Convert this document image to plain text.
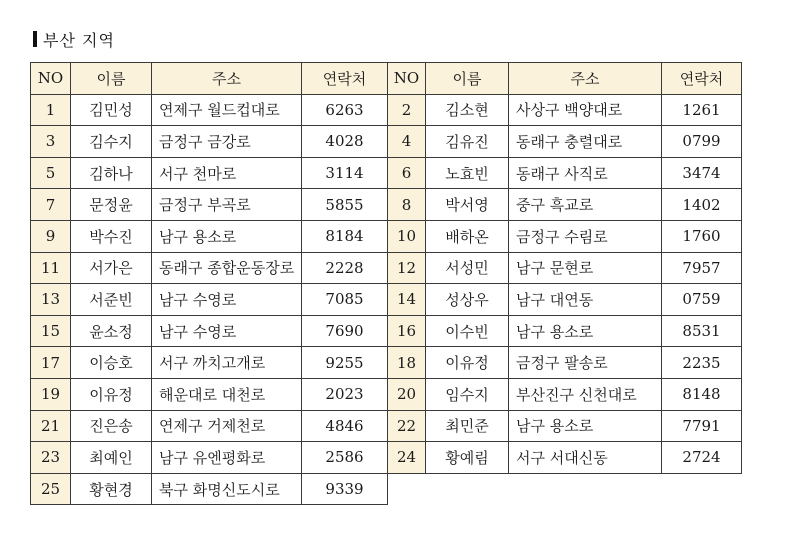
부산 지역
NO	이름	주소	연락처	NO	이름	주소	연락처
1	김민성	연제구 월드컵대로	6263	2	김소현	사상구 백양대로	1261
3	김수지	금정구 금강로	4028	4	김유진	동래구 충렬대로	0799
5	김하나	서구 천마로	3114	6	노효빈	동래구 사직로	3474
7	문정윤	금정구 부곡로	5855	8	박서영	중구 흑교로	1402
9	박수진	남구 용소로	8184	10	배하온	금정구 수림로	1760
11	서가은	동래구 종합운동장로	2228	12	서성민	남구 문현로	7957
13	서준빈	남구 수영로	7085	14	성상우	남구 대연동	0759
15	윤소정	남구 수영로	7690	16	이수빈	남구 용소로	8531
17	이승호	서구 까치고개로	9255	18	이유정	금정구 팔송로	2235
19	이유정	해운대로 대천로	2023	20	임수지	부산진구 신천대로	8148
21	진은송	연제구 거제천로	4846	22	최민준	남구 용소로	7791
23	최예인	남구 유엔평화로	2586	24	황예림	서구 서대신동	2724
25	황현경	북구 화명신도시로	9339				
